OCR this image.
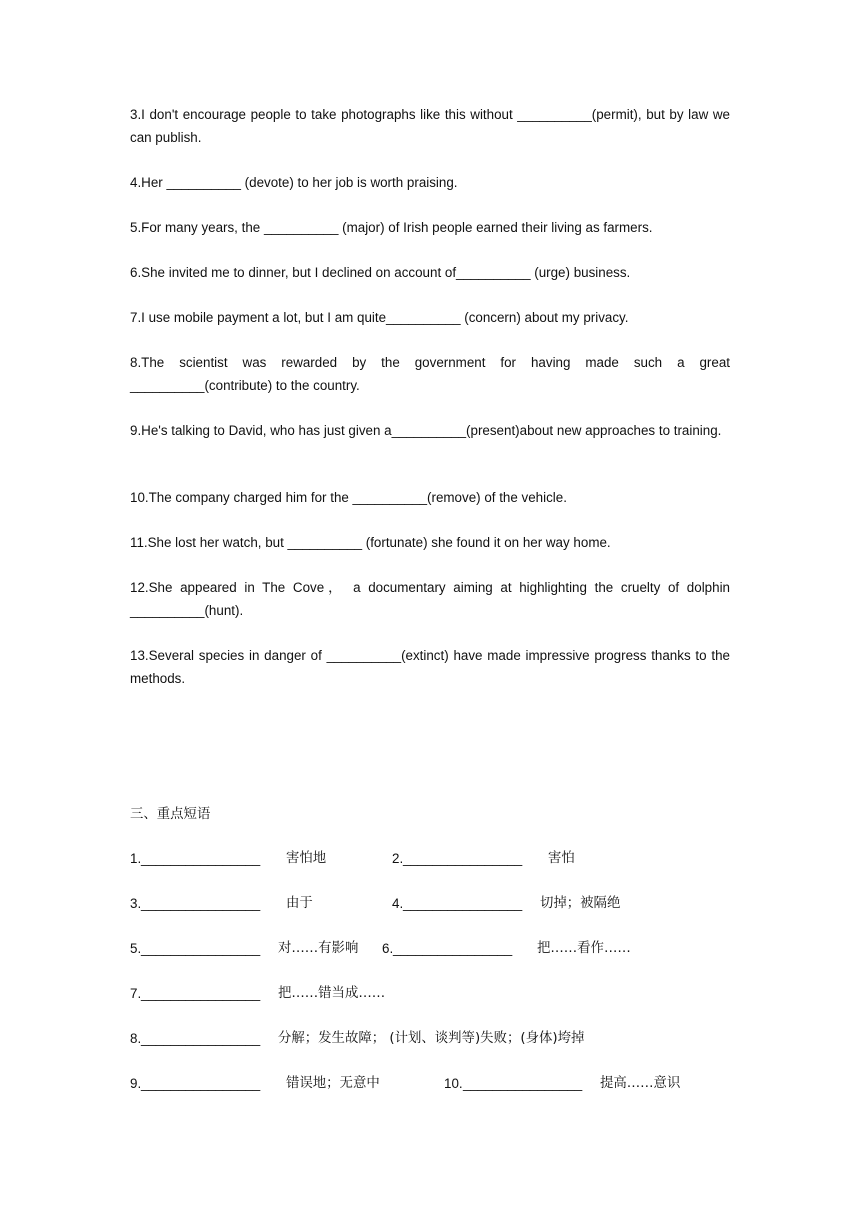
3.I don't encourage people to take photographs like this without __________(permit), but by law we can publish.
4.Her __________ (devote) to her job is worth praising.
5.For many years, the __________ (major) of Irish people earned their living as farmers.
6.She invited me to dinner, but I declined on account of__________ (urge) business.
7.I use mobile payment a lot, but I am quite__________ (concern) about my privacy.
8.The scientist was rewarded by the government for having made such a great __________(contribute) to the country.
9.He's talking to David, who has just given a__________(present)about new approaches to training.
10.The company charged him for the __________(remove) of the vehicle.
11.She lost her watch, but __________ (fortunate) she found it on her way home.
12.She appeared in The Cove， a documentary aiming at highlighting the cruelty of dolphin __________(hunt).
13.Several species in danger of __________(extinct) have made impressive progress thanks to the methods.
三、重点短语
1. ________________ 害怕地	2. ________________ 害怕
3. ________________ 由于	4. ________________ 切掉；被隔绝
5. ________________ 对……有影响 6. ________________ 把……看作……
7. ________________ 把……错当成……
8. ________________ 分解；发生故障； (计划、谈判等)失败；(身体)垮掉
9. ________________ 错误地；无意中	10. ________________ 提高……意识
